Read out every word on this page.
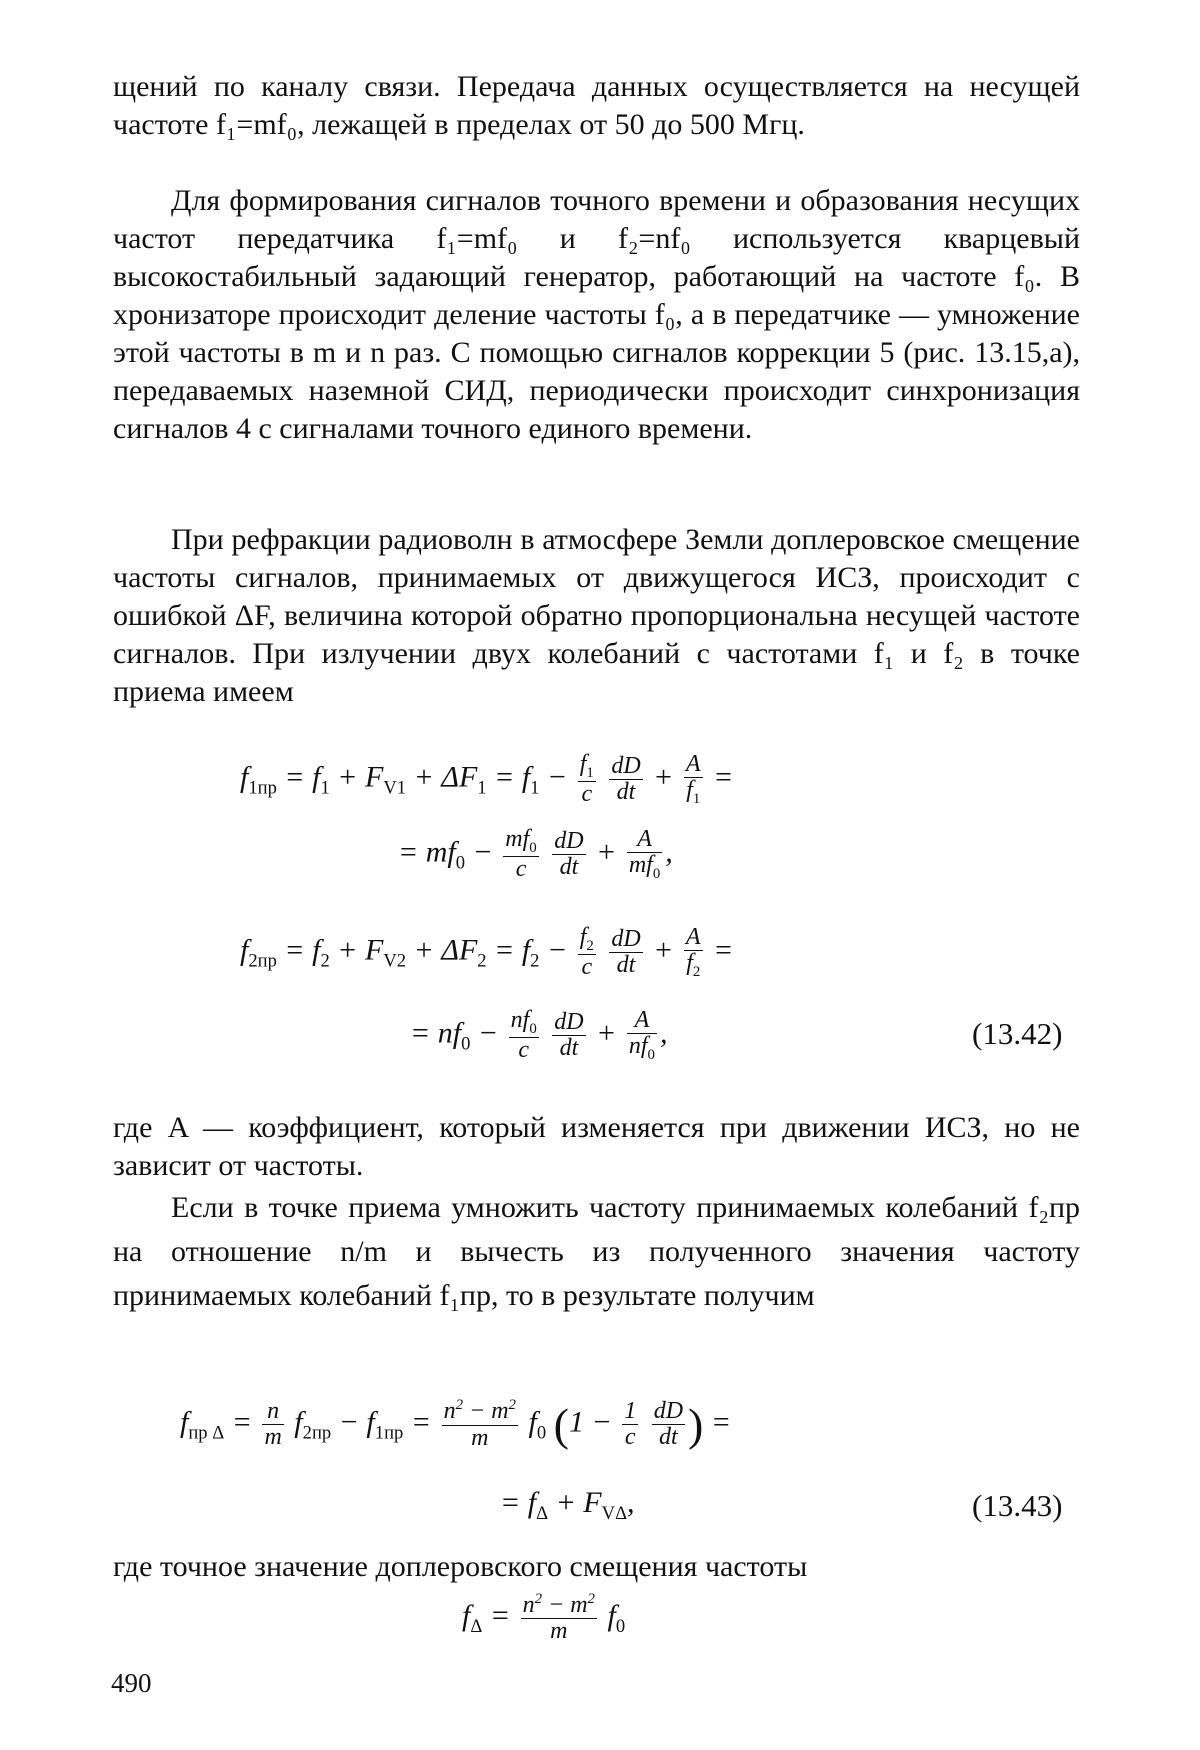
щений по каналу связи. Передача данных осуществляется на несущей частоте f₁=mf₀, лежащей в пределах от 50 до 500 Мгц.

Для формирования сигналов точного времени и образования несущих частот передатчика f₁=mf₀ и f₂=nf₀ используется кварцевый высокостабильный задающий генератор, работающий на частоте f₀. В хронизаторе происходит деление частоты f₀, а в передатчике — умножение этой частоты в m и n раз. С помощью сигналов коррекции 5 (рис. 13.15,а), передаваемых наземной СИД, периодически происходит синхронизация сигналов 4 с сигналами точного единого времени.

При рефракции радиоволн в атмосфере Земли доплеровское смещение частоты сигналов, принимаемых от движущегося ИСЗ, происходит с ошибкой ΔF, величина которой обратно пропорциональна несущей частоте сигналов. При излучении двух колебаний с частотами f₁ и f₂ в точке приема имеем

$f_{1пр} = f_1 + F_{V1} + \Delta F_1 = f_1 - \frac{f_1}{c}$
$\frac{dD}{dt} + \frac{A}{f_1}$ =
= $mf_0 - \frac{mf_0}{c}$
$\frac{dD}{dt} + \frac{A}{mf_0}$ ,
$f_{2пр} = f_2 + F_{V2} + \Delta F_2 = f_2 - \frac{f_2}{c}$
$\frac{dD}{dt} + \frac{A}{f_2}$ =
= $nf_0 - \frac{nf_0}{c}$
$\frac{dD}{dt} + \frac{A}{nf_0}$ ,	(13.42)

где A — коэффициент, который изменяется при движении ИСЗ, но не зависит от частоты.

Если в точке приема умножить частоту принимаемых колебаний f₂пр на отношение n/m и вычесть из полученного значения частоту принимаемых колебаний f₁пр, то в результате получим

$f_{пр \Delta} = \frac{n}{m} f_{2пр} - f_{1пр} = \frac{n^2 - m^2}{m} f_0$ ($1 - \frac{1}{c}$
$\frac{dD}{dt}$ ) =
= $f_\Delta + F_{V\Delta}$,	(13.43)

где точное значение доплеровского смещения частоты

$f_\Delta = \frac{n^2 - m^2}{m} f_0$
490
